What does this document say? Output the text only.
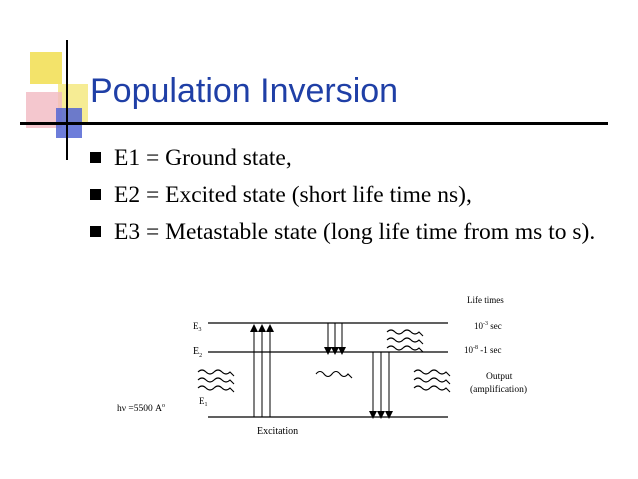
Population Inversion
E1 = Ground state,
E2 = Excited state (short life time ns),
E3 = Metastable state (long life time from ms to s).
$E_3$
$E_2$
$E_1$
Life times
$10^{-3}$ sec
$10^{-8}$ -1 sec
Output
(amplification)
hν =5500 $A^o$
Excitation
